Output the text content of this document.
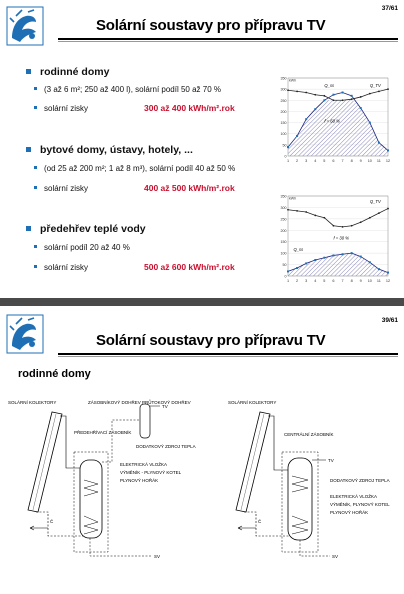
37/61
Solární soustavy pro přípravu TV
rodinné domy
(3 až 6 m²; 250 až 400 l), solární podíl 50 až 70 %
solární zisky	300 až 400 kWh/m².rok
bytové domy, ústavy, hotely, ...
(od 25 až 200 m²; 1 až 8 m³), solární podíl 40 až 50 %
solární zisky	400 až 500 kWh/m².rok
předehřev teplé vody
solární podíl 20 až 40 %
solární zisky	500 až 600 kWh/m².rok
0
50
100
150
200
250
300
350
1 2 3 4 5 6 7 8 9 10 11 12
kWh
Q_ss	Q_TV
f = 60 %
0
50
100
150
200
250
300
350
1 2 3 4 5 6 7 8 9 10 11 12
kWh
Q_ss
Q_TV
f = 30 %
39/61
Solární soustavy pro přípravu TV
rodinné domy
SOLÁRNÍ KOLEKTORY
PŘEDEHŘÍVACÍ ZÁSOBNÍK
ZÁSOBNÍKOVÝ DOHŘEV PRŮTOKOVÝ DOHŘEV
TV
DODATKOVÝ ZDROJ TEPLA
ELEKTRICKÁ VLOŽKA
VÝMĚNÍK - PLYNOVÝ KOTEL
PLYNOVÝ HOŘÁK
Č
SV
SOLÁRNÍ KOLEKTORY
CENTRÁLNÍ ZÁSOBNÍK
TV
DODATKOVÝ ZDROJ TEPLA
ELEKTRICKÁ VLOŽKA
VÝMĚNÍK, PLYNOVÝ KOTEL
PLYNOVÝ HOŘÁK
Č
SV
